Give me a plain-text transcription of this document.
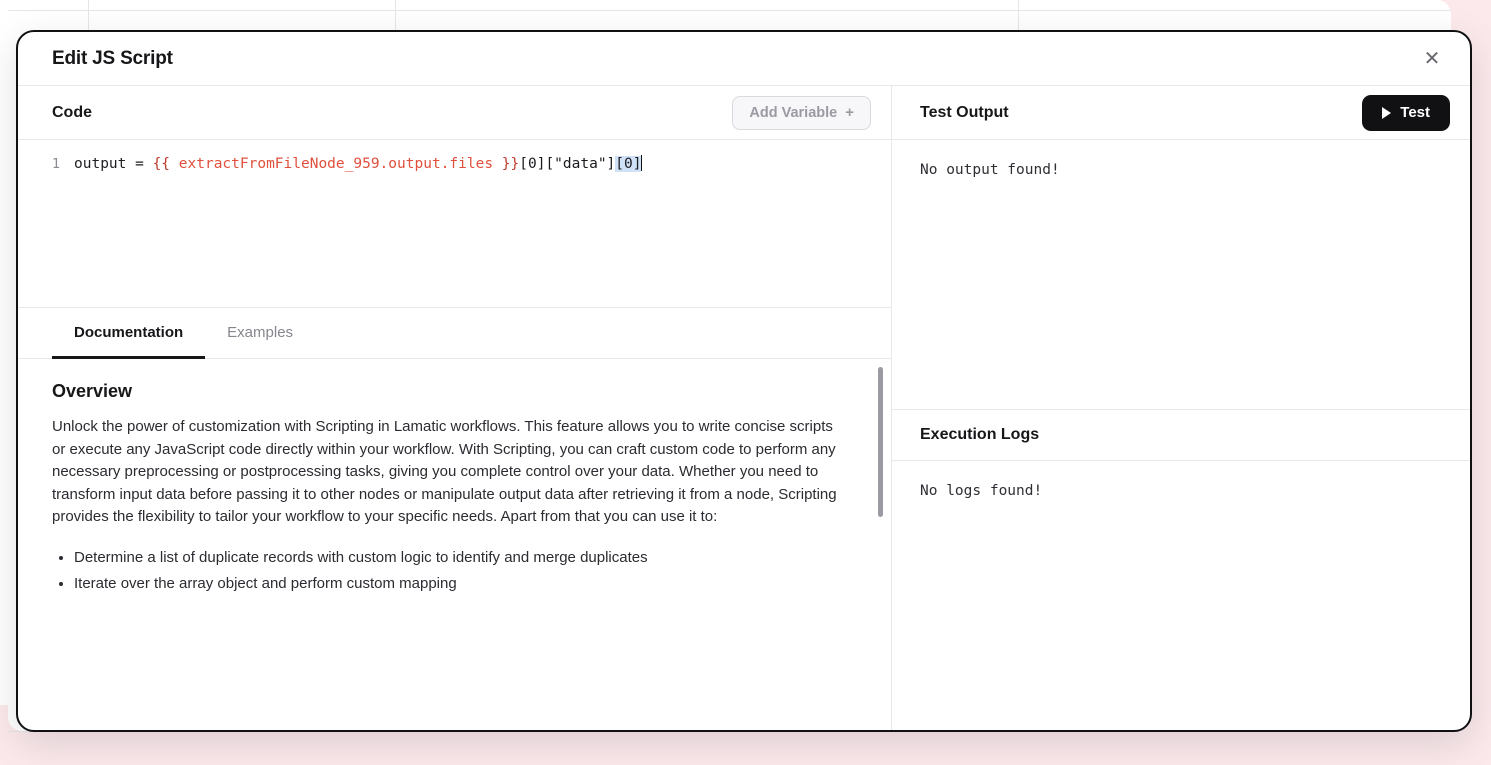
Edit JS Script	✕
Code	Add Variable +
1 output = {{ extractFromFileNode_959.output.files }}[0]["data"][0]
Documentation	Examples
Overview

Unlock the power of customization with Scripting in Lamatic workflows. This feature allows you to write concise scripts or execute any JavaScript code directly within your workflow. With Scripting, you can craft custom code to perform any necessary preprocessing or postprocessing tasks, giving you complete control over your data. Whether you need to transform input data before passing it to other nodes or manipulate output data after retrieving it from a node, Scripting provides the flexibility to tailor your workflow to your specific needs. Apart from that you can use it to:

• Determine a list of duplicate records with custom logic to identify and merge duplicates
• Iterate over the array object and perform custom mapping
Test Output	Test
No output found!
Execution Logs
No logs found!
